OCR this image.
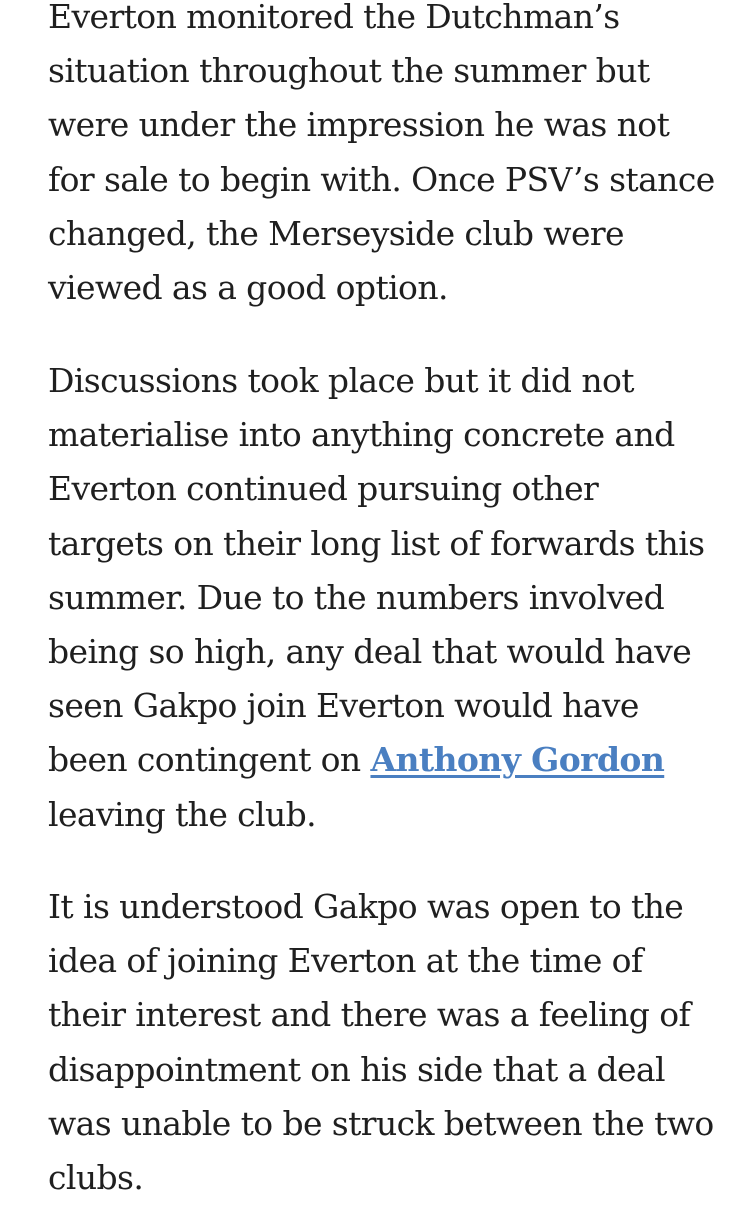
Everton monitored the Dutchman’s situation throughout the summer but were under the impression he was not for sale to begin with. Once PSV’s stance changed, the Merseyside club were viewed as a good option.

Discussions took place but it did not materialise into anything concrete and Everton continued pursuing other targets on their long list of forwards this summer. Due to the numbers involved being so high, any deal that would have seen Gakpo join Everton would have been contingent on Anthony Gordon leaving the club.

It is understood Gakpo was open to the idea of joining Everton at the time of their interest and there was a feeling of disappointment on his side that a deal was unable to be struck between the two clubs.
